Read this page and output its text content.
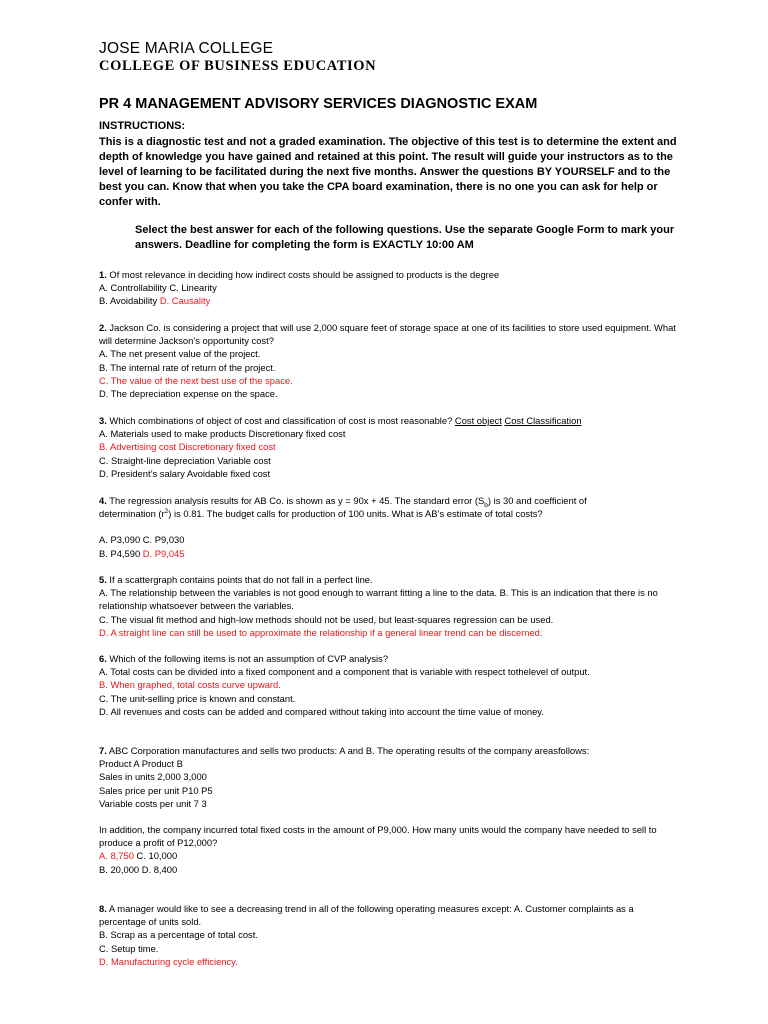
JOSE MARIA COLLEGE
COLLEGE OF BUSINESS EDUCATION
PR 4 MANAGEMENT ADVISORY SERVICES DIAGNOSTIC EXAM
INSTRUCTIONS:
This is a diagnostic test and not a graded examination. The objective of this test is to determine the extent and depth of knowledge you have gained and retained at this point. The result will guide your instructors as to the level of learning to be facilitated during the next five months. Answer the questions BY YOURSELF and to the best you can. Know that when you take the CPA board examination, there is no one you can ask for help or confer with.
Select the best answer for each of the following questions. Use the separate Google Form to mark your answers. Deadline for completing the form is EXACTLY 10:00 AM
1. Of most relevance in deciding how indirect costs should be assigned to products is the degree
A. Controllability C. Linearity
B. Avoidability D. Causality
2. Jackson Co. is considering a project that will use 2,000 square feet of storage space at one of its facilities to store used equipment. What will determine Jackson’s opportunity cost?
A. The net present value of the project.
B. The internal rate of return of the project.
C. The value of the next best use of the space.
D. The depreciation expense on the space.
3. Which combinations of object of cost and classification of cost is most reasonable? Cost object Cost Classification
A. Materials used to make products Discretionary fixed cost
B. Advertising cost Discretionary fixed cost
C. Straight-line depreciation Variable cost
D. President’s salary Avoidable fixed cost
4. The regression analysis results for AB Co. is shown as y = 90x + 45. The standard error $(S_b)$ is 30 and coefficient of
determination $(r^2)$ is 0.81. The budget calls for production of 100 units. What is AB’s estimate of total costs?
A. P3,090 C. P9,030
B. P4,590 D. P9,045
5. If a scattergraph contains points that do not fall in a perfect line.
A. The relationship between the variables is not good enough to warrant fitting a line to the data. B. This is an indication that there is no relationship whatsoever between the variables.
C. The visual fit method and high-low methods should not be used, but least-squares regression can be used.
D. A straight line can still be used to approximate the relationship if a general linear trend can be discerned.
6. Which of the following items is not an assumption of CVP analysis?
A. Total costs can be divided into a fixed component and a component that is variable with respect tothelevel of output.
B. When graphed, total costs curve upward.
C. The unit-selling price is known and constant.
D. All revenues and costs can be added and compared without taking into account the time value of money.
7. ABC Corporation manufactures and sells two products: A and B. The operating results of the company areasfollows:
Product A Product B
Sales in units 2,000 3,000
Sales price per unit P10 P5
Variable costs per unit 7 3
In addition, the company incurred total fixed costs in the amount of P9,000. How many units would the company have needed to sell to produce a profit of P12,000?
A. 8,750 C. 10,000
B. 20,000 D. 8,400
8. A manager would like to see a decreasing trend in all of the following operating measures except: A. Customer complaints as a percentage of units sold.
B. Scrap as a percentage of total cost.
C. Setup time.
D. Manufacturing cycle efficiency.
